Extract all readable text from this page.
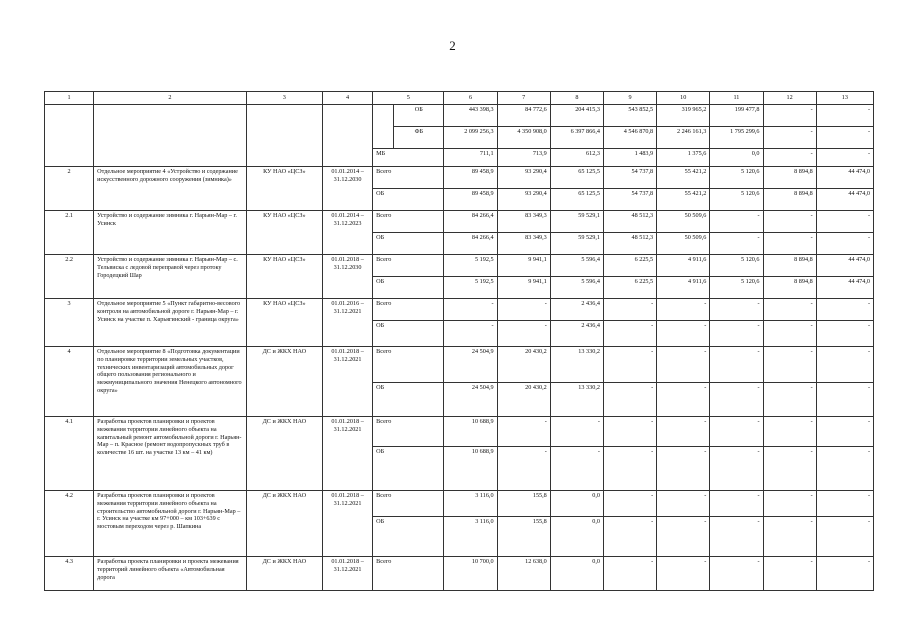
2
1	2	3	4	5		6	7	8	9	10	11	12	13
					ОБ	443 398,3	84 772,6	204 415,3	543 852,5	319 965,2	199 477,8	-	-
					ФБ	2 099 256,3	4 350 908,0	6 397 866,4	4 546 870,8	2 246 161,3	1 795 299,6	-	-
				МБ		711,1	713,9	612,3	1 483,9	1 375,6	0,0	-	-
2	Отдельное мероприятие 4 «Устройство и содержание искусственного дорожного сооружения (зимника)»	КУ НАО «ЦСЗ»	01.01.2014 – 31.12.2030	Всего		89 458,9	93 290,4	65 125,5	54 737,8	55 421,2	5 120,6	8 894,8	44 474,0
				ОБ		89 458,9	93 290,4	65 125,5	54 737,8	55 421,2	5 120,6	8 894,8	44 474,0
2.1	Устройство и содержание зимника г. Нарьян-Мар – г. Усинск	КУ НАО «ЦСЗ»	01.01.2014 – 31.12.2023	Всего		84 266,4	83 349,3	59 529,1	48 512,3	50 509,6	-	-	-
				ОБ		84 266,4	83 349,3	59 529,1	48 512,3	50 509,6	-	-	-
2.2	Устройство и содержание зимника г. Нарьян-Мар – с. Тельвиска с ледовой переправой через протоку Городецкий Шар	КУ НАО «ЦСЗ»	01.01.2018 – 31.12.2030	Всего		5 192,5	9 941,1	5 596,4	6 225,5	4 911,6	5 120,6	8 894,8	44 474,0
				ОБ		5 192,5	9 941,1	5 596,4	6 225,5	4 911,6	5 120,6	8 894,8	44 474,0
3	Отдельное мероприятие 5 «Пункт габаритно-весового контроля на автомобильной дороге г. Нарьян-Мар – г. Усинск на участке п. Харьягинский - граница округа»	КУ НАО «ЦСЗ»	01.01.2016 – 31.12.2021	Всего		-	-	2 436,4	-	-	-	-	-
				ОБ		-	-	2 436,4	-	-	-	-	-
4	Отдельное мероприятие 8 «Подготовка документации по планировке территории земельных участков, технических инвентаризаций автомобильных дорог общего пользования регионального и межмуниципального значения Ненецкого автономного округа»	ДС и ЖКХ НАО	01.01.2018 – 31.12.2021	Всего		24 504,9	20 430,2	13 330,2	-	-	-	-	-
				ОБ		24 504,9	20 430,2	13 330,2	-	-	-	-	-
4.1	Разработка проектов планировки и проектов межевания территории линейного объекта на капитальный ремонт автомобильной дороги г. Нарьян-Мар – п. Красное (ремонт водопропускных труб в количестве 16 шт. на участке 13 км – 41 км)	ДС и ЖКХ НАО	01.01.2018 – 31.12.2021	Всего		10 688,9	-	-	-	-	-	-	-
				ОБ		10 688,9	-	-	-	-	-	-	-
4.2	Разработка проектов планировки и проектов межевания территории линейного объекта на строительство автомобильной дороги г. Нарьян-Мар – г. Усинск на участке км 97+000 – км 103+639 с мостовым переходом через р. Шапкина	ДС и ЖКХ НАО	01.01.2018 – 31.12.2021	Всего		3 116,0	155,8	0,0	-	-	-	-	-
				ОБ		3 116,0	155,8	0,0	-	-	-	-	-
4.3	Разработка проекта планировки и проекта межевания территорий линейного объекта «Автомобильная дорога	ДС и ЖКХ НАО	01.01.2018 – 31.12.2021	Всего		10 700,0	12 638,0	0,0	-	-	-	-	-
